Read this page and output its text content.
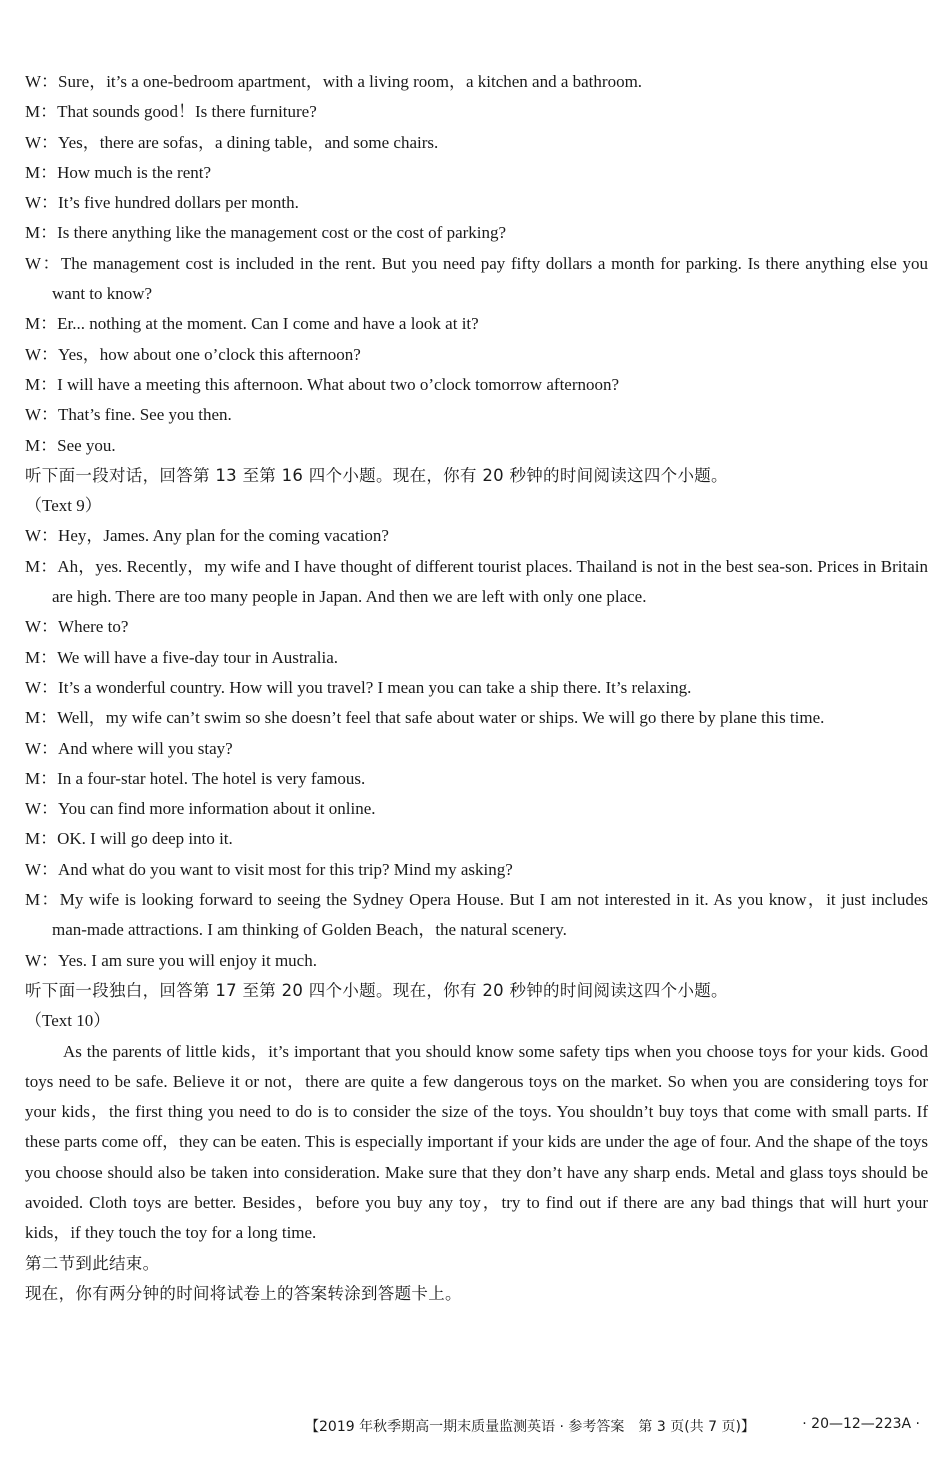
W：Sure，it’s a one-bedroom apartment，with a living room，a kitchen and a bathroom.

M：That sounds good！Is there furniture?

W：Yes，there are sofas，a dining table，and some chairs.

M：How much is the rent?

W：It’s five hundred dollars per month.

M：Is there anything like the management cost or the cost of parking?

W：The management cost is included in the rent. But you need pay fifty dollars a month for parking. Is there anything else you want to know?

M：Er... nothing at the moment. Can I come and have a look at it?

W：Yes，how about one o’clock this afternoon?

M：I will have a meeting this afternoon. What about two o’clock tomorrow afternoon?

W：That’s fine. See you then.

M：See you.

听下面一段对话，回答第 13 至第 16 四个小题。现在，你有 20 秒钟的时间阅读这四个小题。

（Text 9）

W：Hey，James. Any plan for the coming vacation?

M：Ah，yes. Recently，my wife and I have thought of different tourist places. Thailand is not in the best sea-son. Prices in Britain are high. There are too many people in Japan. And then we are left with only one place.

W：Where to?

M：We will have a five-day tour in Australia.

W：It’s a wonderful country. How will you travel? I mean you can take a ship there. It’s relaxing.

M：Well，my wife can’t swim so she doesn’t feel that safe about water or ships. We will go there by plane this time.

W：And where will you stay?

M：In a four-star hotel. The hotel is very famous.

W：You can find more information about it online.

M：OK. I will go deep into it.

W：And what do you want to visit most for this trip? Mind my asking?

M：My wife is looking forward to seeing the Sydney Opera House. But I am not interested in it. As you know，it just includes man-made attractions. I am thinking of Golden Beach，the natural scenery.

W：Yes. I am sure you will enjoy it much.

听下面一段独白，回答第 17 至第 20 四个小题。现在，你有 20 秒钟的时间阅读这四个小题。

（Text 10）

As the parents of little kids，it’s important that you should know some safety tips when you choose toys for your kids. Good toys need to be safe. Believe it or not，there are quite a few dangerous toys on the market. So when you are considering toys for your kids，the first thing you need to do is to consider the size of the toys. You shouldn’t buy toys that come with small parts. If these parts come off，they can be eaten. This is especially important if your kids are under the age of four. And the shape of the toys you choose should also be taken into consideration. Make sure that they don’t have any sharp ends. Metal and glass toys should be avoided. Cloth toys are better. Besides，before you buy any toy，try to find out if there are any bad things that will hurt your kids，if they touch the toy for a long time.

第二节到此结束。

现在，你有两分钟的时间将试卷上的答案转涂到答题卡上。

【2019 年秋季期高一期末质量监测英语 · 参考答案　第 3 页(共 7 页)】	· 20—12—223A ·
